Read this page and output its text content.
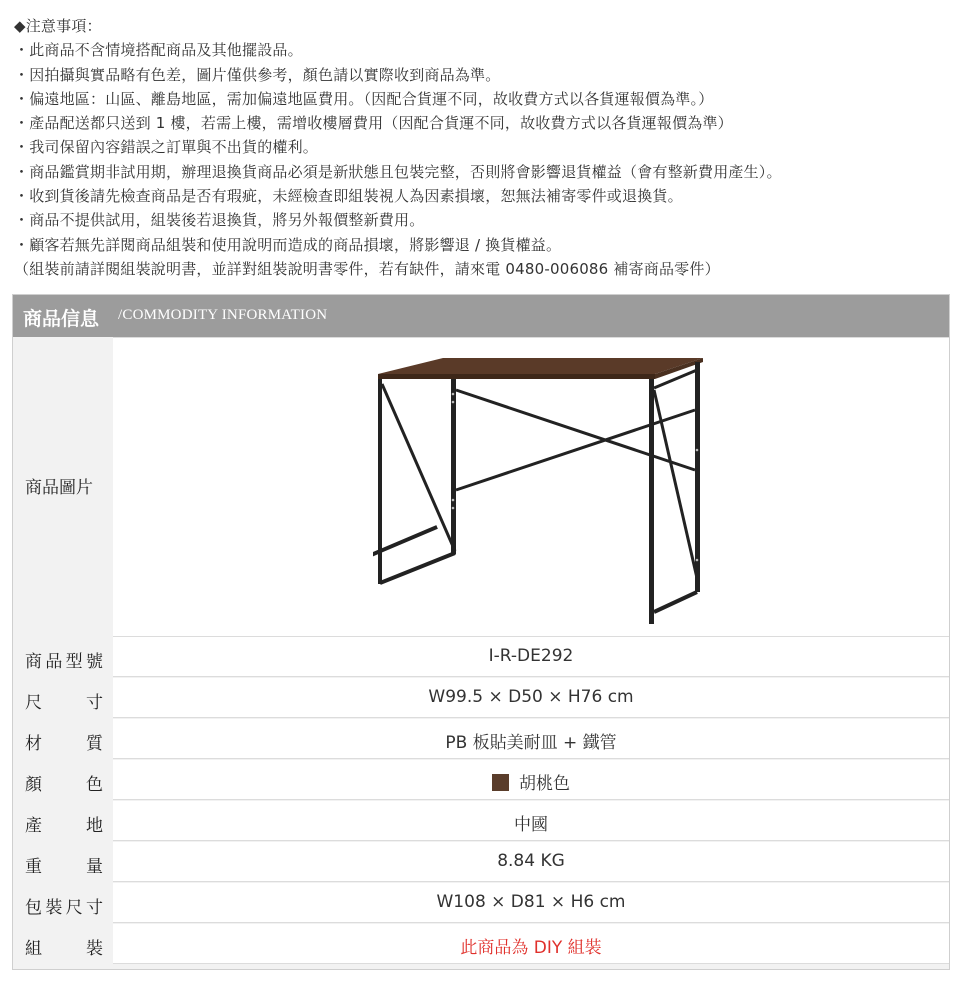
◆注意事項：
・此商品不含情境搭配商品及其他擺設品。
・因拍攝與實品略有色差，圖片僅供參考，顏色請以實際收到商品為準。
・偏遠地區：山區、離島地區，需加偏遠地區費用。（因配合貨運不同，故收費方式以各貨運報價為準。）
・產品配送都只送到 1 樓，若需上樓，需增收樓層費用（因配合貨運不同，故收費方式以各貨運報價為準）
・我司保留內容錯誤之訂單與不出貨的權利。
・商品鑑賞期非試用期，辦理退換貨商品必須是新狀態且包裝完整，否則將會影響退貨權益（會有整新費用產生）。
・收到貨後請先檢查商品是否有瑕疵，未經檢查即組裝視人為因素損壞，恕無法補寄零件或退換貨。
・商品不提供試用，組裝後若退換貨，將另外報價整新費用。
・顧客若無先詳閱商品組裝和使用說明而造成的商品損壞，將影響退 / 換貨權益。
（組裝前請詳閱組裝說明書，並詳對組裝說明書零件，若有缺件，請來電 0480-006086 補寄商品零件）
商品信息 /COMMODITY INFORMATION
商品圖片
商品型號	I-R-DE292
尺寸	W99.5 × D50 × H76 cm
材質	PB 板貼美耐皿 + 鐵管
顏色	胡桃色
產地	中國
重量	8.84 KG
包裝尺寸	W108 × D81 × H6 cm
組裝	此商品為 DIY 組裝
